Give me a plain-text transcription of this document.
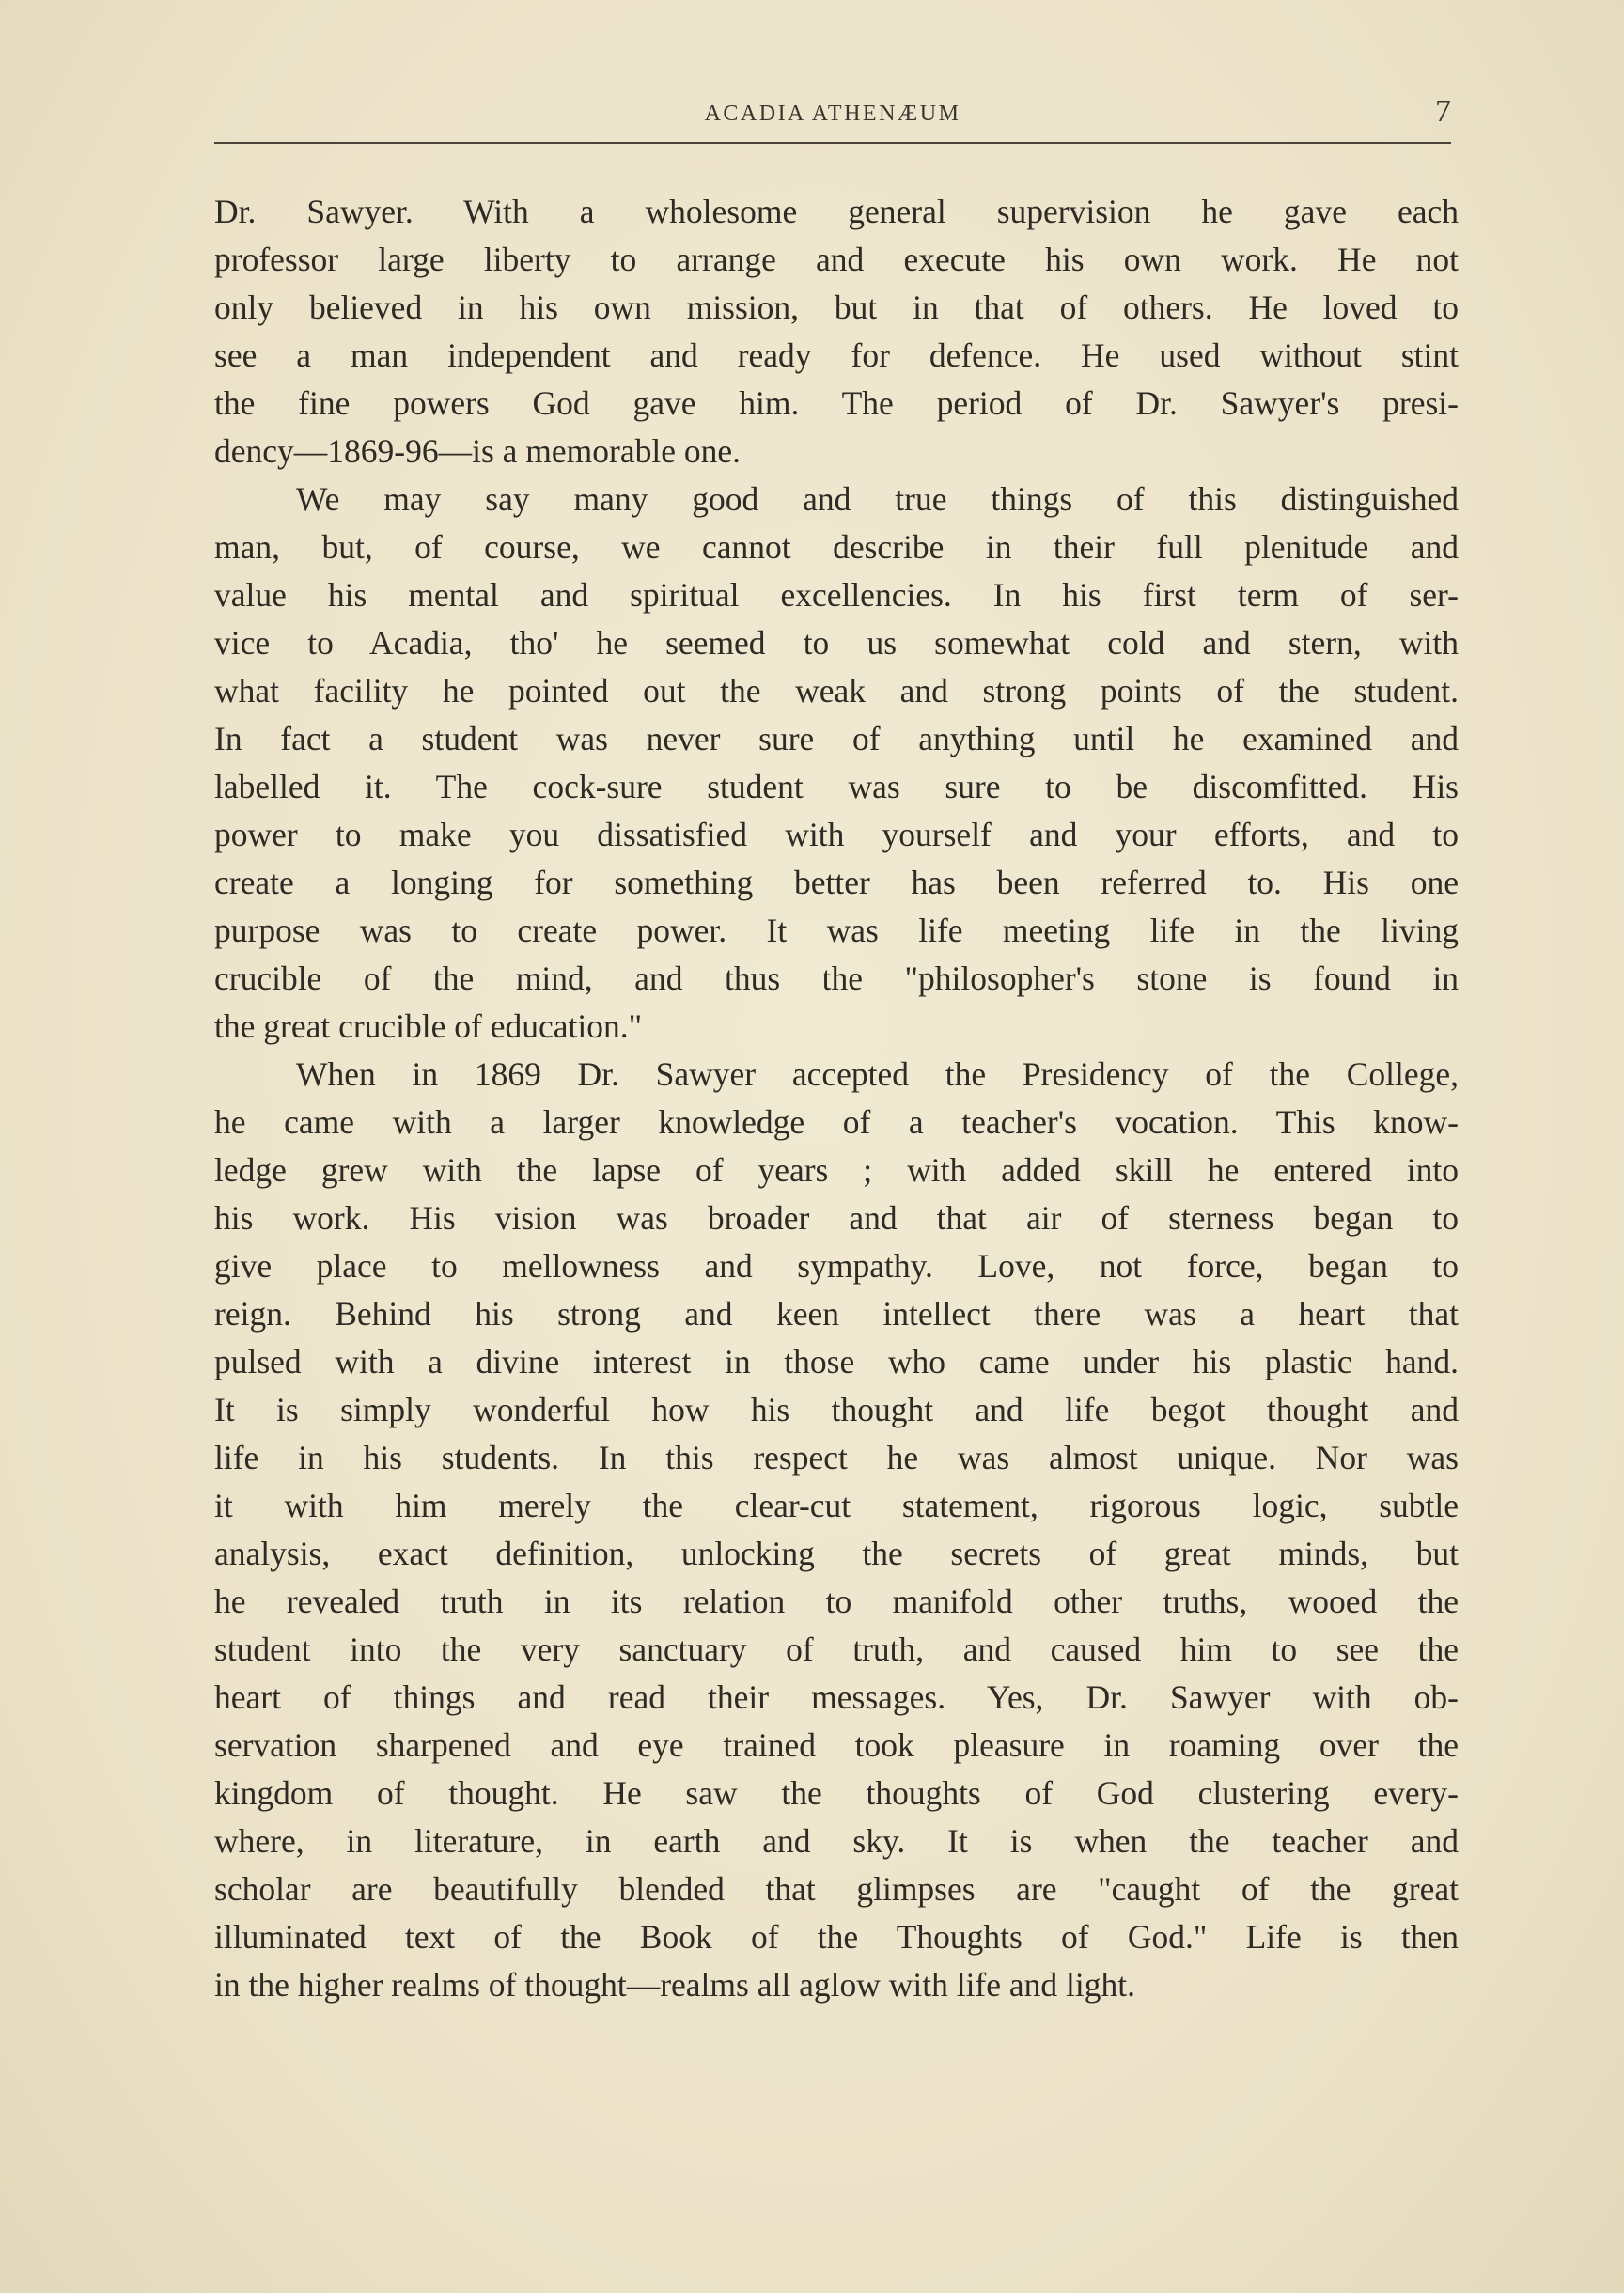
ACADIA ATHENÆUM	7
Dr. Sawyer. With a wholesome general supervision he gave each
professor large liberty to arrange and execute his own work. He not
only believed in his own mission, but in that of others. He loved to
see a man independent and ready for defence. He used without stint
the fine powers God gave him. The period of Dr. Sawyer's presi-
dency—1869-96—is a memorable one.
We may say many good and true things of this distinguished
man, but, of course, we cannot describe in their full plenitude and
value his mental and spiritual excellencies. In his first term of ser-
vice to Acadia, tho' he seemed to us somewhat cold and stern, with
what facility he pointed out the weak and strong points of the student.
In fact a student was never sure of anything until he examined and
labelled it. The cock-sure student was sure to be discomfitted. His
power to make you dissatisfied with yourself and your efforts, and to
create a longing for something better has been referred to. His one
purpose was to create power. It was life meeting life in the living
crucible of the mind, and thus the "philosopher's stone is found in
the great crucible of education."
When in 1869 Dr. Sawyer accepted the Presidency of the College,
he came with a larger knowledge of a teacher's vocation. This know-
ledge grew with the lapse of years ; with added skill he entered into
his work. His vision was broader and that air of sterness began to
give place to mellowness and sympathy. Love, not force, began to
reign. Behind his strong and keen intellect there was a heart that
pulsed with a divine interest in those who came under his plastic hand.
It is simply wonderful how his thought and life begot thought and
life in his students. In this respect he was almost unique. Nor was
it with him merely the clear-cut statement, rigorous logic, subtle
analysis, exact definition, unlocking the secrets of great minds, but
he revealed truth in its relation to manifold other truths, wooed the
student into the very sanctuary of truth, and caused him to see the
heart of things and read their messages. Yes, Dr. Sawyer with ob-
servation sharpened and eye trained took pleasure in roaming over the
kingdom of thought. He saw the thoughts of God clustering every-
where, in literature, in earth and sky. It is when the teacher and
scholar are beautifully blended that glimpses are "caught of the great
illuminated text of the Book of the Thoughts of God." Life is then
in the higher realms of thought—realms all aglow with life and light.
